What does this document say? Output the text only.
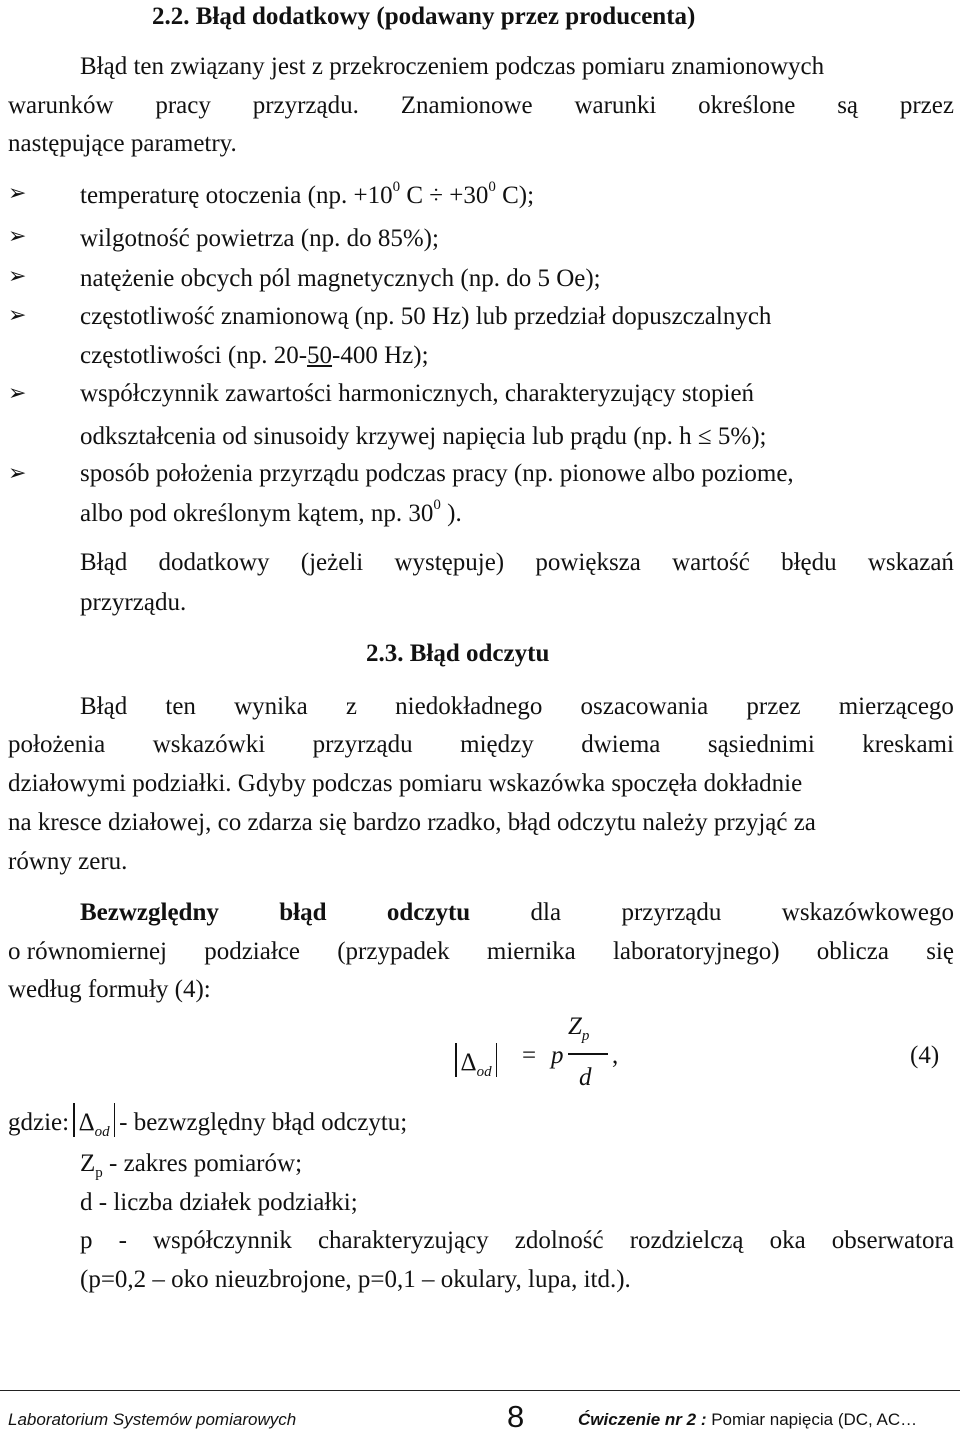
2.2. Błąd dodatkowy (podawany przez producenta)
Błąd ten związany jest z przekroczeniem podczas pomiaru znamionowych
warunków pracy przyrządu. Znamionowe warunki określone są przez
następujące parametry.
➢ temperaturę otoczenia (np. $+10^0$ $C \div +30^0$ C);
➢ wilgotność powietrza (np. do 85%);
➢ natężenie obcych pól magnetycznych (np. do 5 Oe);
➢ częstotliwość znamionową (np. 50 Hz) lub przedział dopuszczalnych
częstotliwości (np. 20-50-400 Hz);
➢ współczynnik zawartości harmonicznych, charakteryzujący stopień
odkształcenia od sinusoidy krzywej napięcia lub prądu (np. h ≤ 5%);
➢ sposób położenia przyrządu podczas pracy (np. pionowe albo poziome,
albo pod określonym kątem, np. $30^0$ ).
Błąd dodatkowy (jeżeli występuje) powiększa wartość błędu wskazań
przyrządu.
2.3. Błąd odczytu
Błąd ten wynika z niedokładnego oszacowania przez mierzącego
położenia wskazówki przyrządu między dwiema sąsiednimi kreskami
działowymi podziałki. Gdyby podczas pomiaru wskazówka spoczęła dokładnie
na kresce działowej, co zdarza się bardzo rzadko, błąd odczytu należy przyjąć za
równy zeru.
Bezwzględny błąd odczytu dla przyrządu wskazówkowego
o równomiernej podziałce (przypadek miernika laboratoryjnego) oblicza się
według formuły (4):
$\Delta_{od}$
= p
$Z_p$
d
,	(4)
gdzie: $\Delta_{od}$ - bezwzględny błąd odczytu;
$Z_p$ - zakres pomiarów;
d - liczba działek podziałki;
p - współczynnik charakteryzujący zdolność rozdzielczą oka obserwatora
(p=0,2 – oko nieuzbrojone, p=0,1 – okulary, lupa, itd.).
Laboratorium Systemów pomiarowych	8	Ćwiczenie nr 2 : Pomiar napięcia (DC, AC…
